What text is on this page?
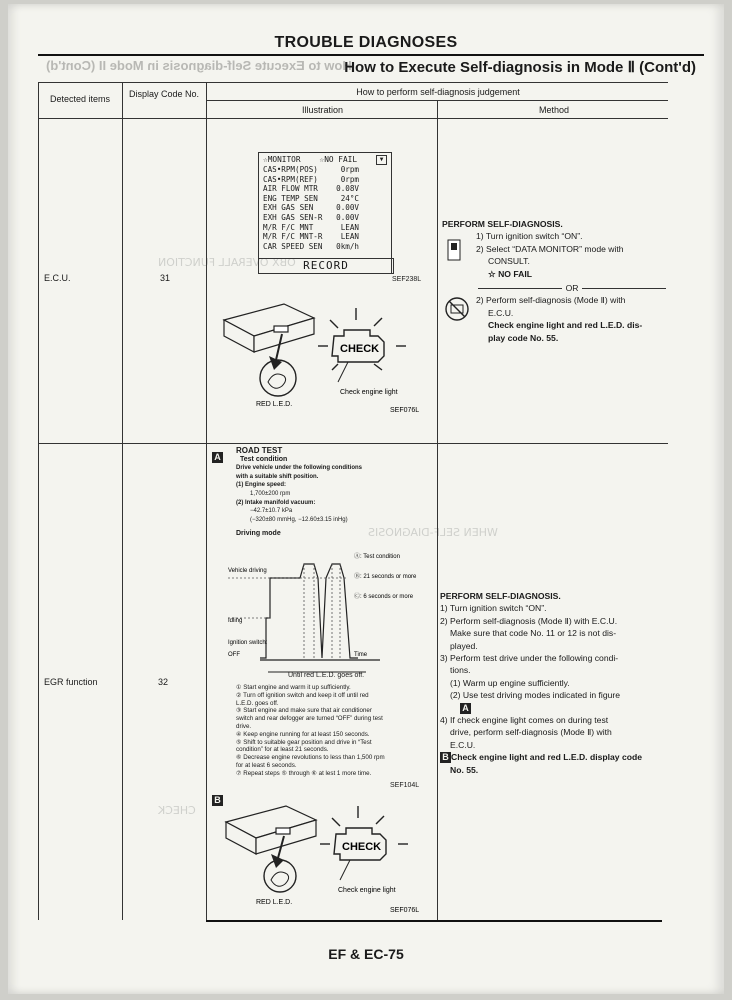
OBX OVERALL FUNCTION
WHEN SELF-DIAGNOSIS
CHECK
TROUBLE DIAGNOSES
How to Execute Self-diagnosis in Mode II (Cont'd)
How to Execute Self-diagnosis in Mode Ⅱ (Cont'd)
Detected items	Display Code No.	How to perform self-diagnosis judgement
Illustration	Method
E.C.U.	31
☆MONITOR ☆NO FAIL	▼
CAS•RPM(POS)	0rpm
CAS•RPM(REF)	0rpm
AIR FLOW MTR 0.08V
ENG TEMP SEN	24°C
EXH GAS SEN	0.00V
EXH GAS SEN-R 0.00V
M/R F/C MNT	LEAN
M/R F/C MNT-R LEAN
CAR SPEED SEN 0km/h
RECORD
SEF238L
RED L.E.D.
CHECK
Check engine light
SEF076L
PERFORM SELF-DIAGNOSIS.
1) Turn ignition switch “ON”.
2) Select “DATA MONITOR” mode with
CONSULT.
☆ NO FAIL
OR
2) Perform self-diagnosis (Mode Ⅱ) with
E.C.U.
Check engine light and red L.E.D. dis-
play code No. 55.
EGR function	32
A
ROAD TEST
Test condition
Drive vehicle under the following conditions
with a suitable shift position.
(1) Engine speed:
1,700±200 rpm
(2) Intake manifold vacuum:
−42.7±10.7 kPa
(−320±80 mmHg, −12.60±3.15 inHg)
Driving mode
Vehicle driving
Idling
Ignition switch:
OFF	Time
Ⓐ: Test condition
Ⓑ: 21 seconds or more
Ⓒ: 6 seconds or more
Until red L.E.D. goes off.
① Start engine and warm it up sufficiently.
② Turn off ignition switch and keep it off until red L.E.D. goes off.
③ Start engine and make sure that air conditioner switch and rear defogger are turned “OFF” during test drive.
④ Keep engine running for at least 150 seconds.
⑤ Shift to suitable gear position and drive in “Test condition” for at least 21 seconds.
⑥ Decrease engine revolutions to less than 1,500 rpm for at least 6 seconds.
⑦ Repeat steps ⑤ through ⑥ at lest 1 more time.
SEF104L
B
RED L.E.D.
CHECK
Check engine light
SEF076L
PERFORM SELF-DIAGNOSIS.
1) Turn ignition switch “ON”.
2) Perform self-diagnosis (Mode Ⅱ) with E.C.U.
Make sure that code No. 11 or 12 is not dis-
played.
3) Perform test drive under the following condi-
tions.
(1) Warm up engine sufficiently.
(2) Use test driving modes indicated in figure
A
4) If check engine light comes on during test
drive, perform self-diagnosis (Mode Ⅱ) with
E.C.U.
B Check engine light and red L.E.D. display code
No. 55.
EF & EC-75
